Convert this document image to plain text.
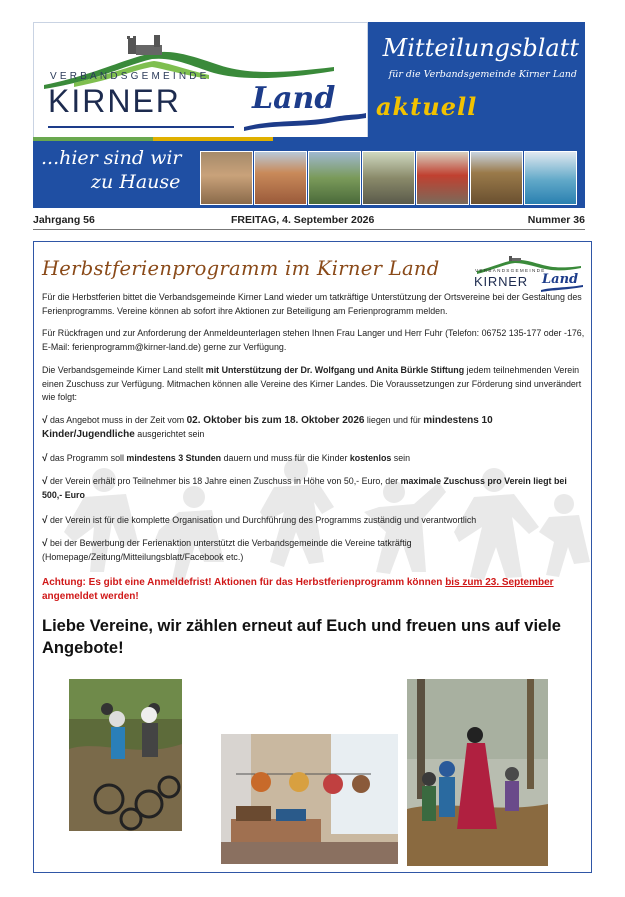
VERBANDSGEMEINDE
KIRNER Land
Mitteilungsblatt
für die Verbandsgemeinde Kirner Land
aktuell
...hier sind wir
zu Hause
Jahrgang 56	FREITAG, 4. September 2026	Nummer 36
Herbstferienprogramm im Kirner Land	VERBANDSGEMEINDE
KIRNER Land
Für die Herbstferien bittet die Verbandsgemeinde Kirner Land wieder um tatkräftige Unterstützung der Ortsvereine bei der Gestaltung des Ferienprogramms. Vereine können ab sofort ihre Aktionen zur Beteiligung am Ferienprogramm melden.
Für Rückfragen und zur Anforderung der Anmeldeunterlagen stehen Ihnen Frau Langer und Herr Fuhr (Telefon: 06752 135-177 oder -176, E-Mail: ferienprogramm@kirner-land.de) gerne zur Verfügung.
Die Verbandsgemeinde Kirner Land stellt mit Unterstützung der Dr. Wolfgang und Anita Bürkle Stiftung jedem teilnehmenden Verein einen Zuschuss zur Verfügung. Mitmachen können alle Vereine des Kirner Landes. Die Voraussetzungen zur Förderung sind unverändert wie folgt:
√ das Angebot muss in der Zeit vom 02. Oktober bis zum 18. Oktober 2026 liegen und für mindestens 10 Kinder/Jugendliche ausgerichtet sein
√ das Programm soll mindestens 3 Stunden dauern und muss für die Kinder kostenlos sein
√ der Verein erhält pro Teilnehmer bis 18 Jahre einen Zuschuss in Höhe von 50,- Euro, der maximale Zuschuss pro Verein liegt bei 500,- Euro
√ der Verein ist für die komplette Organisation und Durchführung des Programms zuständig und verantwortlich
√ bei der Bewerbung der Ferienaktion unterstützt die Verbandsgemeinde die Vereine tatkräftig (Homepage/Zeitung/Mitteilungsblatt/Facebook etc.)
Achtung: Es gibt eine Anmeldefrist! Aktionen für das Herbstferienprogramm können bis zum 23. September angemeldet werden!
Liebe Vereine, wir zählen erneut auf Euch und freuen uns auf viele Angebote!
